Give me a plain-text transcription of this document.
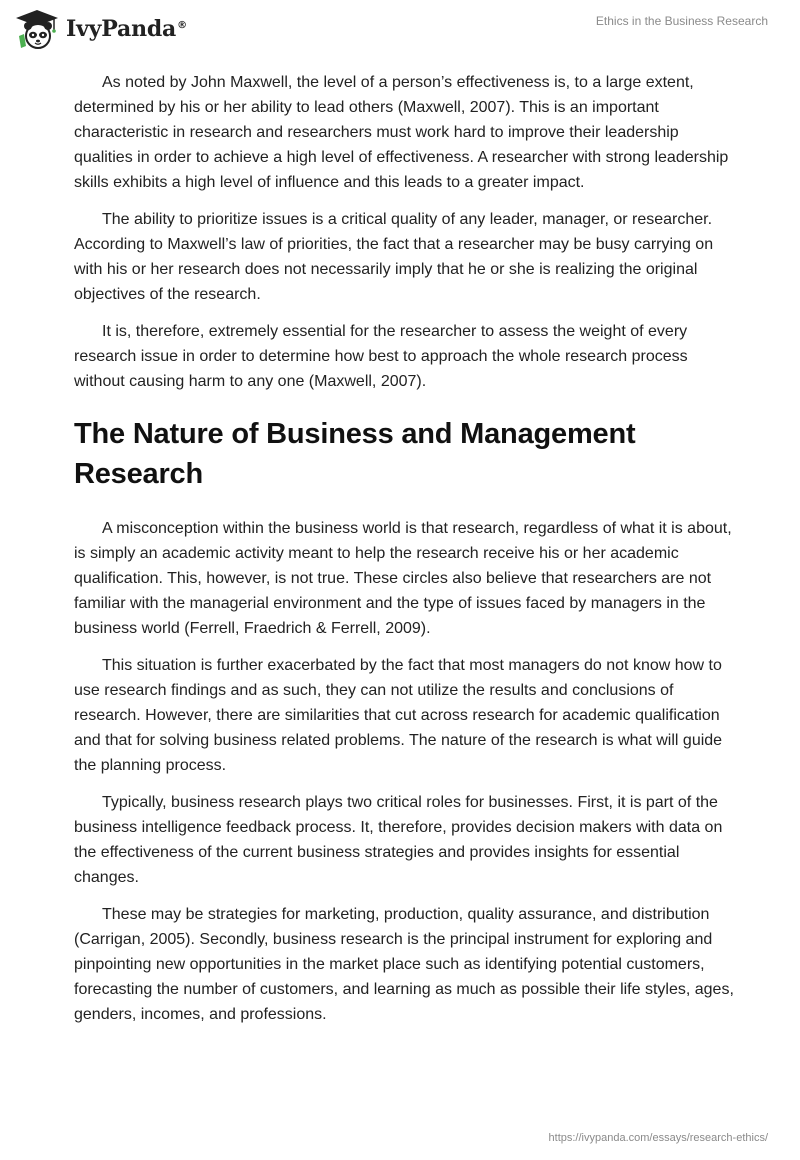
IvyPanda®	Ethics in the Business Research

As noted by John Maxwell, the level of a person’s effectiveness is, to a large extent, determined by his or her ability to lead others (Maxwell, 2007). This is an important characteristic in research and researchers must work hard to improve their leadership qualities in order to achieve a high level of effectiveness. A researcher with strong leadership skills exhibits a high level of influence and this leads to a greater impact.

The ability to prioritize issues is a critical quality of any leader, manager, or researcher. According to Maxwell’s law of priorities, the fact that a researcher may be busy carrying on with his or her research does not necessarily imply that he or she is realizing the original objectives of the research.

It is, therefore, extremely essential for the researcher to assess the weight of every research issue in order to determine how best to approach the whole research process without causing harm to any one (Maxwell, 2007).

The Nature of Business and Management Research

A misconception within the business world is that research, regardless of what it is about, is simply an academic activity meant to help the research receive his or her academic qualification. This, however, is not true. These circles also believe that researchers are not familiar with the managerial environment and the type of issues faced by managers in the business world (Ferrell, Fraedrich & Ferrell, 2009).

This situation is further exacerbated by the fact that most managers do not know how to use research findings and as such, they can not utilize the results and conclusions of research. However, there are similarities that cut across research for academic qualification and that for solving business related problems. The nature of the research is what will guide the planning process.

Typically, business research plays two critical roles for businesses. First, it is part of the business intelligence feedback process. It, therefore, provides decision makers with data on the effectiveness of the current business strategies and provides insights for essential changes.

These may be strategies for marketing, production, quality assurance, and distribution (Carrigan, 2005). Secondly, business research is the principal instrument for exploring and pinpointing new opportunities in the market place such as identifying potential customers, forecasting the number of customers, and learning as much as possible their life styles, ages, genders, incomes, and professions.

https://ivypanda.com/essays/research-ethics/
